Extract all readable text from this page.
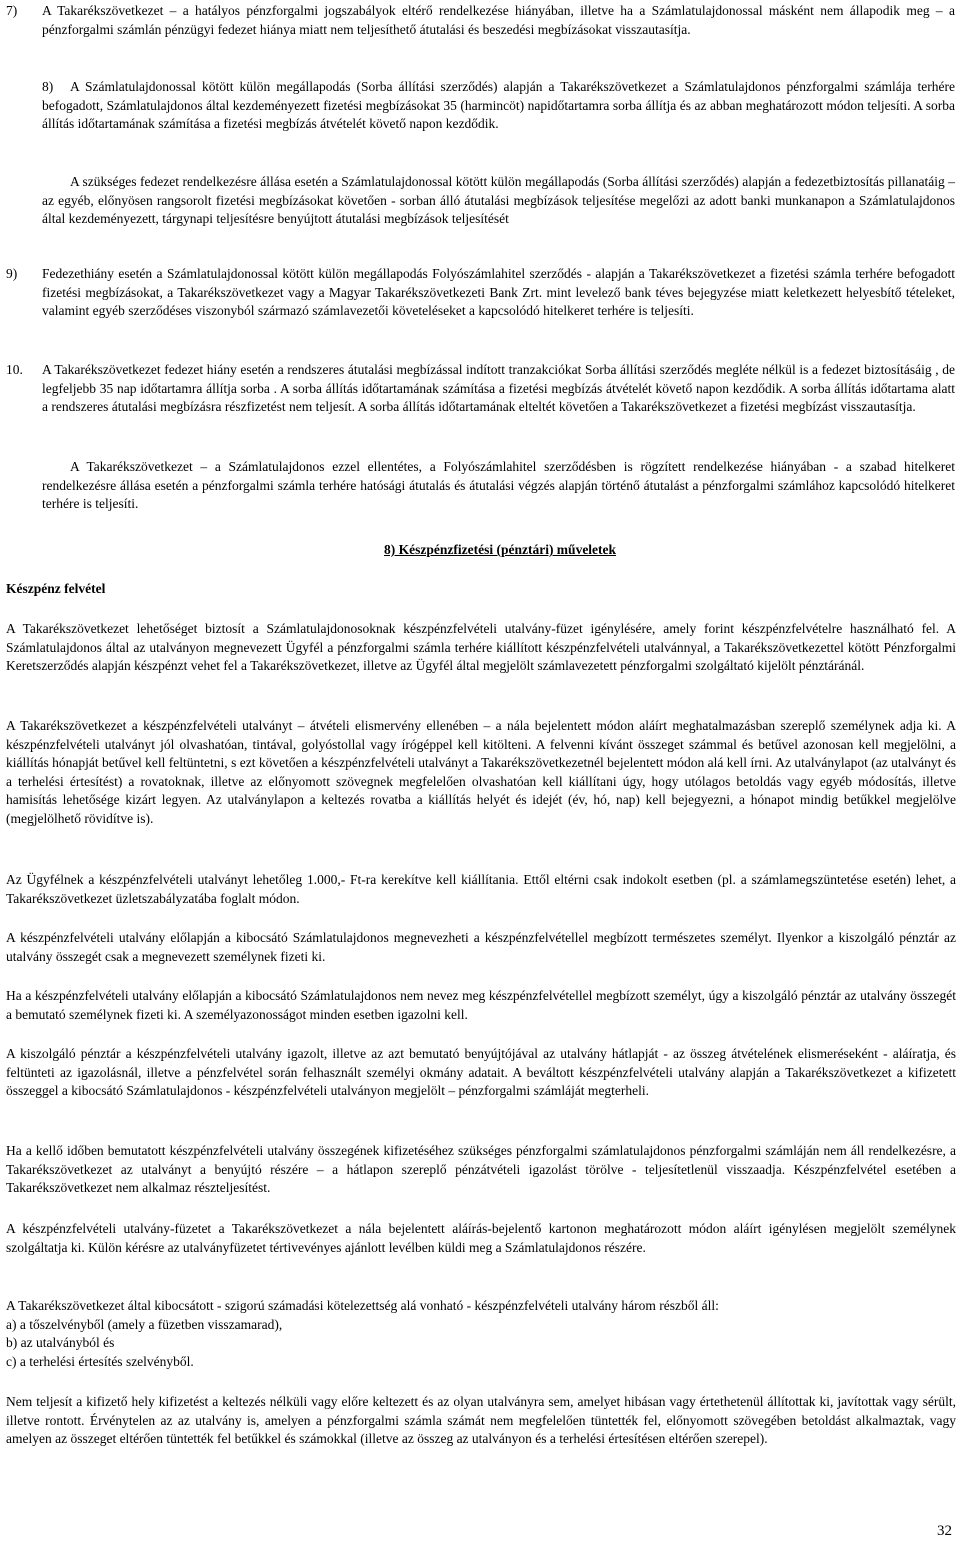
7) A Takarékszövetkezet – a hatályos pénzforgalmi jogszabályok eltérő rendelkezése hiányában, illetve ha a Számlatulajdonossal másként nem állapodik meg – a pénzforgalmi számlán pénzügyi fedezet hiánya miatt nem teljesíthető átutalási és beszedési megbízásokat visszautasítja.

8)	A Számlatulajdonossal kötött külön megállapodás (Sorba állítási szerződés) alapján a Takarékszövetkezet a Számlatulajdonos pénzforgalmi számlája terhére befogadott, Számlatulajdonos által kezdeményezett fizetési megbízásokat 35 (harmincöt) napidőtartamra sorba állítja és az abban meghatározott módon teljesíti. A sorba állítás időtartamának számítása a fizetési megbízás átvételét követő napon kezdődik.

A szükséges fedezet rendelkezésre állása esetén a Számlatulajdonossal kötött külön megállapodás (Sorba állítási szerződés) alapján a fedezetbiztosítás pillanatáig – az egyéb, előnyösen rangsorolt fizetési megbízásokat követően - sorban álló átutalási megbízások teljesítése megelőzi az adott banki munkanapon a Számlatulajdonos által kezdeményezett, tárgynapi teljesítésre benyújtott átutalási megbízások teljesítését

9) Fedezethiány esetén a Számlatulajdonossal kötött külön megállapodás Folyószámlahitel szerződés - alapján a Takarékszövetkezet a fizetési számla terhére befogadott fizetési megbízásokat, a Takarékszövetkezet vagy a Magyar Takarékszövetkezeti Bank Zrt. mint levelező bank téves bejegyzése miatt keletkezett helyesbítő tételeket, valamint egyéb szerződéses viszonyból származó számlavezetői követeléseket a kapcsolódó hitelkeret terhére is teljesíti.

10. A Takarékszövetkezet fedezet hiány esetén a rendszeres átutalási megbízással indított tranzakciókat Sorba állítási szerződés megléte nélkül is a fedezet biztosításáig , de legfeljebb 35 nap időtartamra állítja sorba . A sorba állítás időtartamának számítása a fizetési megbízás átvételét követő napon kezdődik. A sorba állítás időtartama alatt a rendszeres átutalási megbízásra részfizetést nem teljesít. A sorba állítás időtartamának elteltét követően a Takarékszövetkezet a fizetési megbízást visszautasítja.

A Takarékszövetkezet – a Számlatulajdonos ezzel ellentétes, a Folyószámlahitel szerződésben is rögzített rendelkezése hiányában - a szabad hitelkeret rendelkezésre állása esetén a pénzforgalmi számla terhére hatósági átutalás és átutalási végzés alapján történő átutalást a pénzforgalmi számlához kapcsolódó hitelkeret terhére is teljesíti.

8) Készpénzfizetési (pénztári) műveletek
Készpénz felvétel

A Takarékszövetkezet lehetőséget biztosít a Számlatulajdonosoknak készpénzfelvételi utalvány-füzet igénylésére, amely forint készpénzfelvételre használható fel. A Számlatulajdonos által az utalványon megnevezett Ügyfél a pénzforgalmi számla terhére kiállított készpénzfelvételi utalvánnyal, a Takarékszövetkezettel kötött Pénzforgalmi Keretszerződés alapján készpénzt vehet fel a Takarékszövetkezet, illetve az Ügyfél által megjelölt számlavezetett pénzforgalmi szolgáltató kijelölt pénztáránál.

A Takarékszövetkezet a készpénzfelvételi utalványt – átvételi elismervény ellenében – a nála bejelentett módon aláírt meghatalmazásban szereplő személynek adja ki. A készpénzfelvételi utalványt jól olvashatóan, tintával, golyóstollal vagy írógéppel kell kitölteni. A felvenni kívánt összeget számmal és betűvel azonosan kell megjelölni, a kiállítás hónapját betűvel kell feltüntetni, s ezt követően a készpénzfelvételi utalványt a Takarékszövetkezetnél bejelentett módon alá kell írni. Az utalványlapot (az utalványt és a terhelési értesítést) a rovatoknak, illetve az előnyomott szövegnek megfelelően olvashatóan kell kiállítani úgy, hogy utólagos betoldás vagy egyéb módosítás, illetve hamisítás lehetősége kizárt legyen. Az utalványlapon a keltezés rovatba a kiállítás helyét és idejét (év, hó, nap) kell bejegyezni, a hónapot mindig betűkkel megjelölve (megjelölhető rövidítve is).

Az Ügyfélnek a készpénzfelvételi utalványt lehetőleg 1.000,- Ft-ra kerekítve kell kiállítania. Ettől eltérni csak indokolt esetben (pl. a számlamegszüntetése esetén) lehet, a Takarékszövetkezet üzletszabályzatába foglalt módon.

A készpénzfelvételi utalvány előlapján a kibocsátó Számlatulajdonos megnevezheti a készpénzfelvétellel megbízott természetes személyt. Ilyenkor a kiszolgáló pénztár az utalvány összegét csak a megnevezett személynek fizeti ki.

Ha a készpénzfelvételi utalvány előlapján a kibocsátó Számlatulajdonos nem nevez meg készpénzfelvétellel megbízott személyt, úgy a kiszolgáló pénztár az utalvány összegét a bemutató személynek fizeti ki. A személyazonosságot minden esetben igazolni kell.

A kiszolgáló pénztár a készpénzfelvételi utalvány igazolt, illetve az azt bemutató benyújtójával az utalvány hátlapját - az összeg átvételének elismeréseként - aláíratja, és feltünteti az igazolásnál, illetve a pénzfelvétel során felhasznált személyi okmány adatait. A beváltott készpénzfelvételi utalvány alapján a Takarékszövetkezet a kifizetett összeggel a kibocsátó Számlatulajdonos - készpénzfelvételi utalványon megjelölt – pénzforgalmi számláját megterheli.

Ha a kellő időben bemutatott készpénzfelvételi utalvány összegének kifizetéséhez szükséges pénzforgalmi számlatulajdonos pénzforgalmi számláján nem áll rendelkezésre, a Takarékszövetkezet az utalványt a benyújtó részére – a hátlapon szereplő pénzátvételi igazolást törölve - teljesítetlenül visszaadja. Készpénzfelvétel esetében a Takarékszövetkezet nem alkalmaz részteljesítést.

A készpénzfelvételi utalvány-füzetet a Takarékszövetkezet a nála bejelentett aláírás-bejelentő kartonon meghatározott módon aláírt igénylésen megjelölt személynek szolgáltatja ki. Külön kérésre az utalványfüzetet tértivevényes ajánlott levélben küldi meg a Számlatulajdonos részére.

A Takarékszövetkezet által kibocsátott - szigorú számadási kötelezettség alá vonható - készpénzfelvételi utalvány három részből áll:
a) a tőszelvényből (amely a füzetben visszamarad),
b) az utalványból és
c) a terhelési értesítés szelvényből.

Nem teljesít a kifizető hely kifizetést a keltezés nélküli vagy előre keltezett és az olyan utalványra sem, amelyet hibásan vagy értethetenül állítottak ki, javítottak vagy sérült, illetve rontott. Érvénytelen az az utalvány is, amelyen a pénzforgalmi számla számát nem megfelelően tüntették fel, előnyomott szövegében betoldást alkalmaztak, vagy amelyen az összeget eltérően tüntették fel betűkkel és számokkal (illetve az összeg az utalványon és a terhelési értesítésen eltérően szerepel).

32
